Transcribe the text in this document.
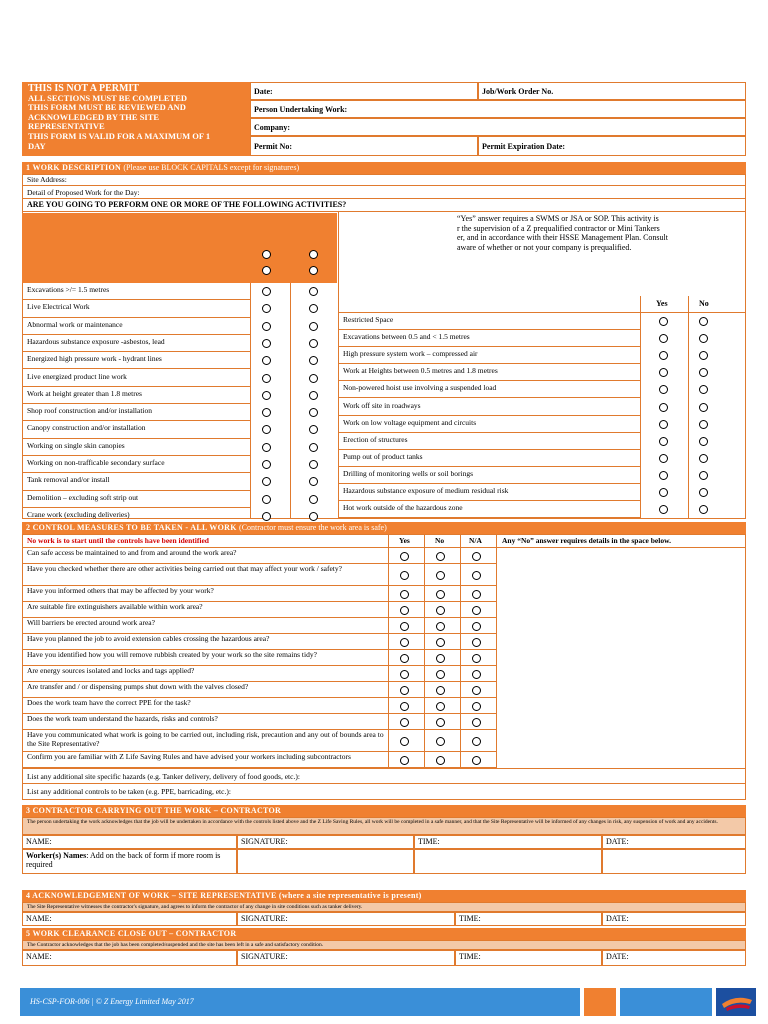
THIS IS NOT A PERMIT
ALL SECTIONS MUST BE COMPLETED
THIS FORM MUST BE REVIEWED AND
ACKNOWLEDGED BY THE SITE
REPRESENTATIVE
THIS FORM IS VALID FOR A MAXIMUM OF 1
DAY
Date:	Job/Work Order No.
Person Undertaking Work:
Company:
Permit No:	Permit Expiration Date:
1 WORK DESCRIPTION (Please use BLOCK CAPITALS except for signatures)
Site Address:
Detail of Proposed Work for the Day:
ARE YOU GOING TO PERFORM ONE OR MORE OF THE FOLLOWING ACTIVITIES?
“Yes” answer requires a SWMS or JSA or SOP. This activity is
r the supervision of a Z prequalified contractor or Mini Tankers
er, and in accordance with their HSSE Management Plan. Consult
aware of whether or not your company is prequalified.
Yes	No
Excavations >/= 1.5 metres
Live Electrical Work
Abnormal work or maintenance
Hazardous substance exposure -asbestos, lead
Energized high pressure work - hydrant lines
Live energized product line work
Work at height greater than 1.8 metres
Shop roof construction and/or installation
Canopy construction and/or installation
Working on single skin canopies
Working on non-trafficable secondary surface
Tank removal and/or install
Demolition – excluding soft strip out
Crane work (excluding deliveries)
Restricted Space
Excavations between 0.5 and < 1.5 metres
High pressure system work – compressed air
Work at Heights between 0.5 metres and 1.8 metres
Non-powered hoist use involving a suspended load
Work off site in roadways
Work on low voltage equipment and circuits
Erection of structures
Pump out of product tanks
Drilling of monitoring wells or soil borings
Hazardous substance exposure of medium residual risk
Hot work outside of the hazardous zone
2 CONTROL MEASURES TO BE TAKEN - ALL WORK (Contractor must ensure the work area is safe)
No work is to start until the controls have been identified	Yes	No	N/A	Any “No” answer requires details in the space below.
Can safe access be maintained to and from and around the work area?
Have you checked whether there are other activities being carried out that may affect your work / safety?
Have you informed others that may be affected by your work?
Are suitable fire extinguishers available within work area?
Will barriers be erected around work area?
Have you planned the job to avoid extension cables crossing the hazardous area?
Have you identified how you will remove rubbish created by your work so the site remains tidy?
Are energy sources isolated and locks and tags applied?
Are transfer and / or dispensing pumps shut down with the valves closed?
Does the work team have the correct PPE for the task?
Does the work team understand the hazards, risks and controls?
Have you communicated what work is going to be carried out, including risk, precaution and any out of bounds area to the Site Representative?
Confirm you are familiar with Z Life Saving Rules and have advised your workers including subcontractors
List any additional site specific hazards (e.g. Tanker delivery, delivery of food goods, etc.):
List any additional controls to be taken (e.g. PPE, barricading, etc.):
3 CONTRACTOR CARRYING OUT THE WORK – CONTRACTOR
The person undertaking the work acknowledges that the job will be undertaken in accordance with the controls listed above and the Z Life Saving Rules, all work will be completed in a safe manner, and that the Site Representative will be informed of any changes in risk, any suspension of work and any accidents.
NAME:	SIGNATURE:	TIME:	DATE:
Worker(s) Names: Add on the back of form if more room is required
4 ACKNOWLEDGEMENT OF WORK – SITE REPRESENTATIVE (where a site representative is present)
The Site Representative witnesses the contractor's signature, and agrees to inform the contractor of any change in site conditions such as tanker delivery.
NAME:	SIGNATURE:	TIME:	DATE:
5 WORK CLEARANCE CLOSE OUT – CONTRACTOR
The Contractor acknowledges that the job has been completed/suspended and the site has been left in a safe and satisfactory condition.
NAME:	SIGNATURE:	TIME:	DATE:
HS-CSP-FOR-006 | © Z Energy Limited May 2017
